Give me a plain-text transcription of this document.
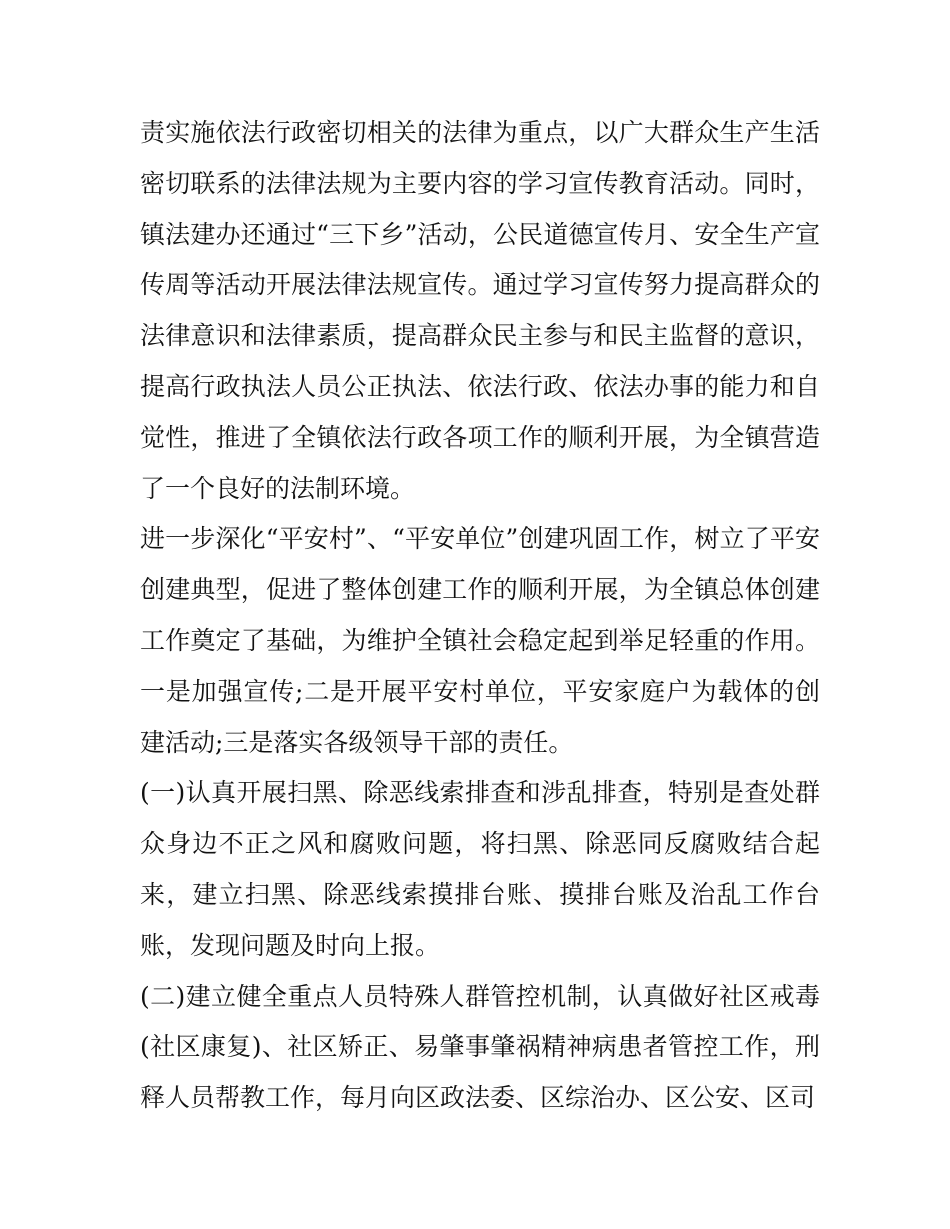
责实施依法行政密切相关的法律为重点，以广大群众生产生活密切联系的法律法规为主要内容的学习宣传教育活动。同时，镇法建办还通过“三下乡”活动，公民道德宣传月、安全生产宣传周等活动开展法律法规宣传。通过学习宣传努力提高群众的法律意识和法律素质，提高群众民主参与和民主监督的意识，提高行政执法人员公正执法、依法行政、依法办事的能力和自觉性，推进了全镇依法行政各项工作的顺利开展，为全镇营造了一个良好的法制环境。

进一步深化“平安村”、“平安单位”创建巩固工作，树立了平安创建典型，促进了整体创建工作的顺利开展，为全镇总体创建工作奠定了基础，为维护全镇社会稳定起到举足轻重的作用。一是加强宣传;二是开展平安村单位，平安家庭户为载体的创建活动;三是落实各级领导干部的责任。

(一)认真开展扫黑、除恶线索排查和涉乱排查，特别是查处群众身边不正之风和腐败问题，将扫黑、除恶同反腐败结合起来，建立扫黑、除恶线索摸排台账、摸排台账及治乱工作台账，发现问题及时向上报。

(二)建立健全重点人员特殊人群管控机制，认真做好社区戒毒(社区康复)、社区矫正、易肇事肇祸精神病患者管控工作，刑释人员帮教工作，每月向区政法委、区综治办、区公安、区司
